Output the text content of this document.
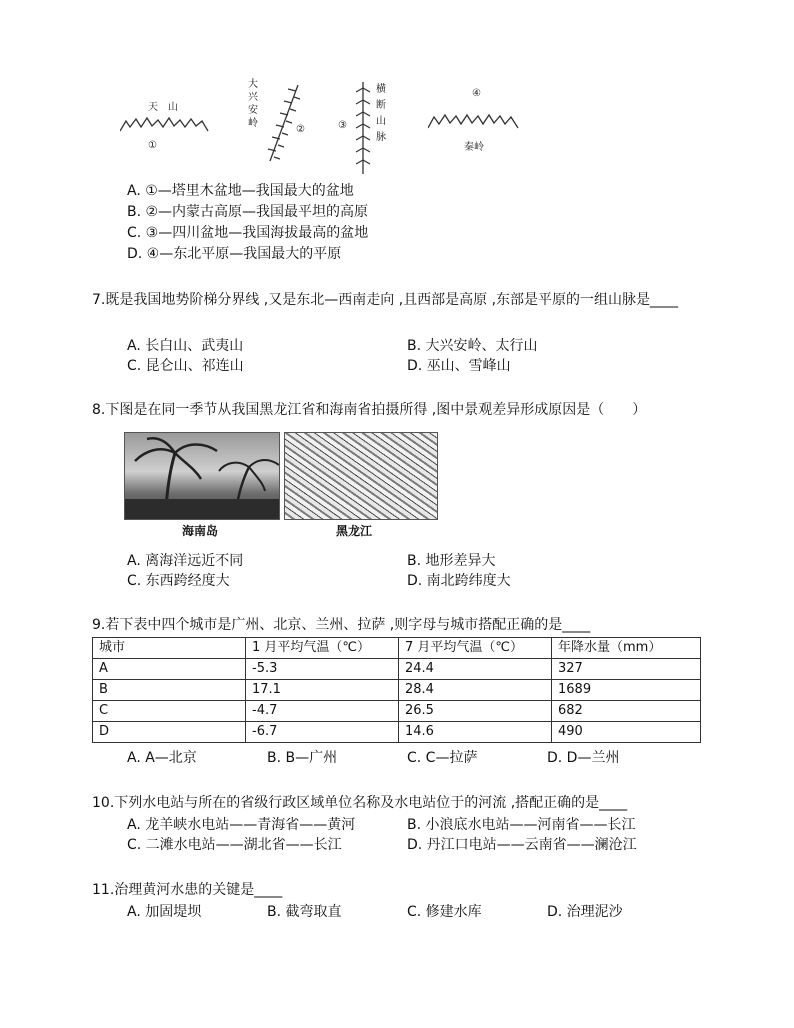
天　山
①
大
兴
安
岭
②	③
横
断
山
脉
④
秦岭
A. ①—塔里木盆地—我国最大的盆地
B. ②—内蒙古高原—我国最平坦的高原
C. ③—四川盆地—我国海拔最高的盆地
D. ④—东北平原—我国最大的平原
7.既是我国地势阶梯分界线 ,又是东北—西南走向 ,且西部是高原 ,东部是平原的一组山脉是____
A. 长白山、武夷山	B. 大兴安岭、太行山
C. 昆仑山、祁连山	D. 巫山、雪峰山
8.下图是在同一季节从我国黑龙江省和海南省拍摄所得 ,图中景观差异形成原因是（　　）
海南岛	黑龙江
A. 离海洋远近不同	B. 地形差异大
C. 东西跨经度大	D. 南北跨纬度大
9.若下表中四个城市是广州、北京、兰州、拉萨 ,则字母与城市搭配正确的是____
城市	1 月平均气温（℃）	7 月平均气温（℃）	年降水量（mm）
A	-5.3	24.4	327
B	17.1	28.4	1689
C	-4.7	26.5	682
D	-6.7	14.6	490
A. A—北京	B. B—广州	C. C—拉萨	D. D—兰州
10.下列水电站与所在的省级行政区域单位名称及水电站位于的河流 ,搭配正确的是____
A. 龙羊峡水电站——青海省——黄河	B. 小浪底水电站——河南省——长江
C. 二滩水电站——湖北省——长江	D. 丹江口电站——云南省——澜沧江
11.治理黄河水患的关键是____
A. 加固堤坝	B. 截弯取直	C. 修建水库	D. 治理泥沙
